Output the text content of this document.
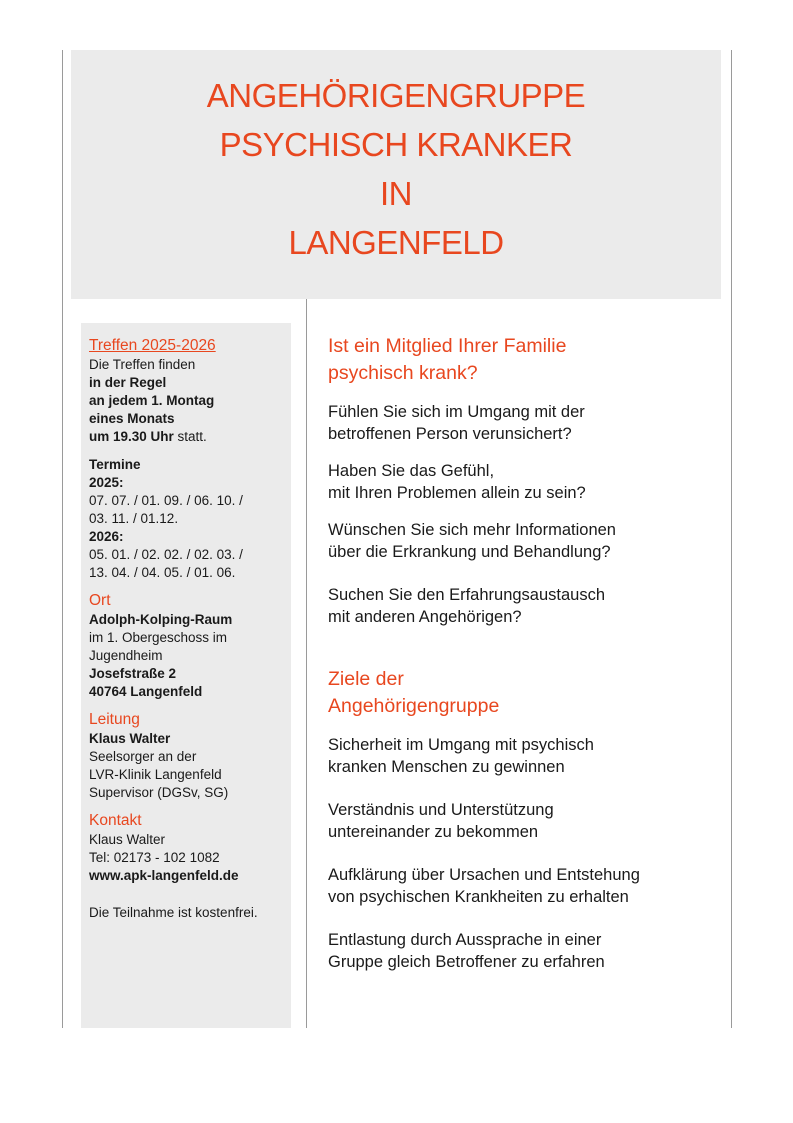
ANGEHÖRIGENGRUPPE
PSYCHISCH KRANKER
IN
LANGENFELD
Treffen 2025-2026
Die Treffen finden
in der Regel
an jedem 1. Montag
eines Monats
um 19.30 Uhr statt.
Termine
2025:
07. 07. / 01. 09. / 06. 10. /
03. 11. / 01.12.
2026:
05. 01. / 02. 02. / 02. 03. /
13. 04. / 04. 05. / 01. 06.
Ort
Adolph-Kolping-Raum
im 1. Obergeschoss im
Jugendheim
Josefstraße 2
40764 Langenfeld
Leitung
Klaus Walter
Seelsorger an der
LVR-Klinik Langenfeld
Supervisor (DGSv, SG)
Kontakt
Klaus Walter
Tel: 02173 - 102 1082
www.apk-langenfeld.de
Die Teilnahme ist kostenfrei.
Ist ein Mitglied Ihrer Familie
psychisch krank?
Fühlen Sie sich im Umgang mit der
betroffenen Person verunsichert?
Haben Sie das Gefühl,
mit Ihren Problemen allein zu sein?
Wünschen Sie sich mehr Informationen
über die Erkrankung und Behandlung?
Suchen Sie den Erfahrungsaustausch
mit anderen Angehörigen?
Ziele der
Angehörigengruppe
Sicherheit im Umgang mit psychisch
kranken Menschen zu gewinnen
Verständnis und Unterstützung
untereinander zu bekommen
Aufklärung über Ursachen und Entstehung
von psychischen Krankheiten zu erhalten
Entlastung durch Aussprache in einer
Gruppe gleich Betroffener zu erfahren
